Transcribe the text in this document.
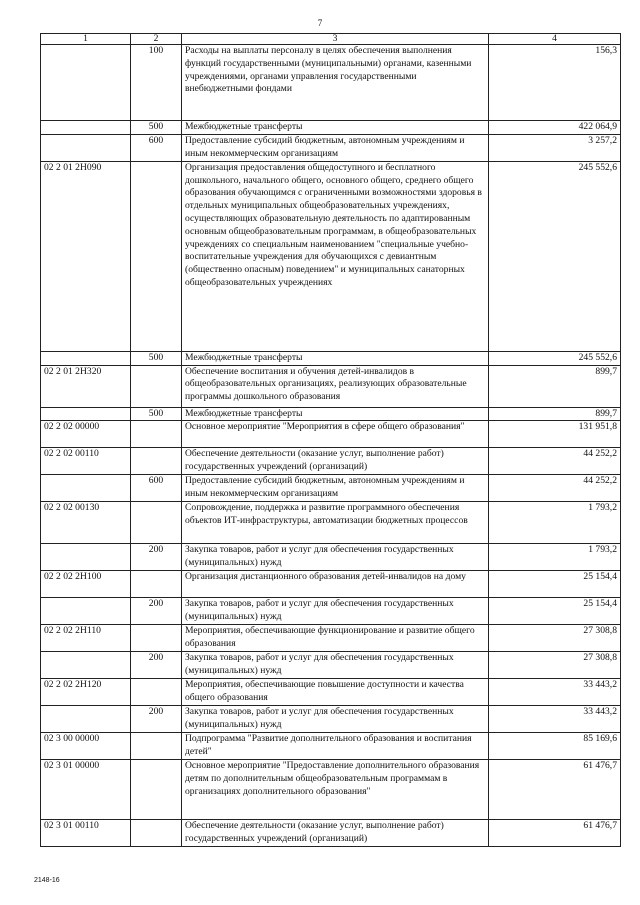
7
1	2	3	4
	100	Расходы на выплаты персоналу в целях обеспечения выполнения функций государственными (муниципальными) органами, казенными учреждениями, органами управления государственными внебюджетными фондами	156,3
	500	Межбюджетные трансферты	422 064,9
	600	Предоставление субсидий бюджетным, автономным учреждениям и иным некоммерческим организациям	3 257,2
02 2 01 2Н090		Организация предоставления общедоступного и бесплатного дошкольного, начального общего, основного общего, среднего общего образования обучающимся с ограниченными возможностями здоровья в отдельных муниципальных общеобразовательных учреждениях, осуществляющих образовательную деятельность по адаптированным основным общеобразовательным программам, в общеобразовательных учреждениях со специальным наименованием "специальные учебно-воспитательные учреждения для обучающихся с девиантным (общественно опасным) поведением" и муниципальных санаторных общеобразовательных учреждениях	245 552,6
	500	Межбюджетные трансферты	245 552,6
02 2 01 2Н320		Обеспечение воспитания и обучения детей-инвалидов в общеобразовательных организациях, реализующих образовательные программы дошкольного образования	899,7
	500	Межбюджетные трансферты	899,7
02 2 02 00000		Основное мероприятие "Мероприятия в сфере общего образования"	131 951,8
02 2 02 00110		Обеспечение деятельности (оказание услуг, выполнение работ) государственных учреждений (организаций)	44 252,2
	600	Предоставление субсидий бюджетным, автономным учреждениям и иным некоммерческим организациям	44 252,2
02 2 02 00130		Сопровождение, поддержка и развитие программного обеспечения объектов ИТ-инфраструктуры, автоматизации бюджетных процессов	1 793,2
	200	Закупка товаров, работ и услуг для обеспечения государственных (муниципальных) нужд	1 793,2
02 2 02 2Н100		Организация дистанционного образования детей-инвалидов на дому	25 154,4
	200	Закупка товаров, работ и услуг для обеспечения государственных (муниципальных) нужд	25 154,4
02 2 02 2Н110		Мероприятия, обеспечивающие функционирование и развитие общего образования	27 308,8
	200	Закупка товаров, работ и услуг для обеспечения государственных (муниципальных) нужд	27 308,8
02 2 02 2Н120		Мероприятия, обеспечивающие повышение доступности и качества общего образования	33 443,2
	200	Закупка товаров, работ и услуг для обеспечения государственных (муниципальных) нужд	33 443,2
02 3 00 00000		Подпрограмма "Развитие дополнительного образования и воспитания детей"	85 169,6
02 3 01 00000		Основное мероприятие "Предоставление дополнительного образования детям по дополнительным общеобразовательным программам в организациях дополнительного образования"	61 476,7
02 3 01 00110		Обеспечение деятельности (оказание услуг, выполнение работ) государственных учреждений (организаций)	61 476,7
2148-16
